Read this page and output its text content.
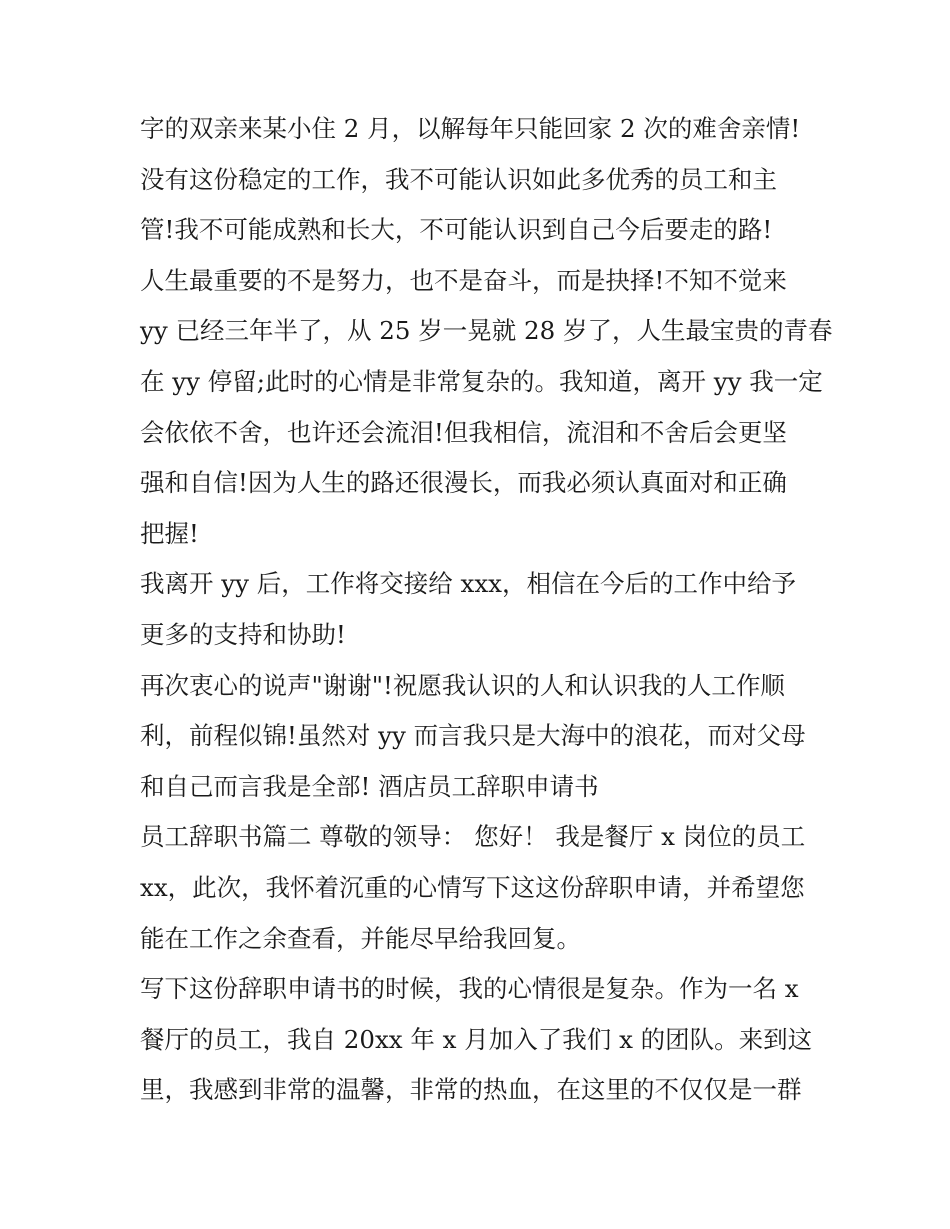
字的双亲来某小住 2 月，以解每年只能回家 2 次的难舍亲情!
没有这份稳定的工作，我不可能认识如此多优秀的员工和主
管!我不可能成熟和长大，不可能认识到自己今后要走的路!
人生最重要的不是努力，也不是奋斗，而是抉择!不知不觉来
yy 已经三年半了，从 25 岁一晃就 28 岁了，人生最宝贵的青春
在 yy 停留;此时的心情是非常复杂的。我知道，离开 yy 我一定
会依依不舍，也许还会流泪!但我相信，流泪和不舍后会更坚
强和自信!因为人生的路还很漫长，而我必须认真面对和正确
把握!
我离开 yy 后，工作将交接给 xxx，相信在今后的工作中给予
更多的支持和协助!
再次衷心的说声"谢谢"!祝愿我认识的人和认识我的人工作顺
利，前程似锦!虽然对 yy 而言我只是大海中的浪花，而对父母
和自己而言我是全部! 酒店员工辞职申请书
员工辞职书篇二 尊敬的领导： 您好！ 我是餐厅 x 岗位的员工
xx，此次，我怀着沉重的心情写下这这份辞职申请，并希望您
能在工作之余查看，并能尽早给我回复。
写下这份辞职申请书的时候，我的心情很是复杂。作为一名 x
餐厅的员工，我自 20xx 年 x 月加入了我们 x 的团队。来到这
里，我感到非常的温馨，非常的热血，在这里的不仅仅是一群
